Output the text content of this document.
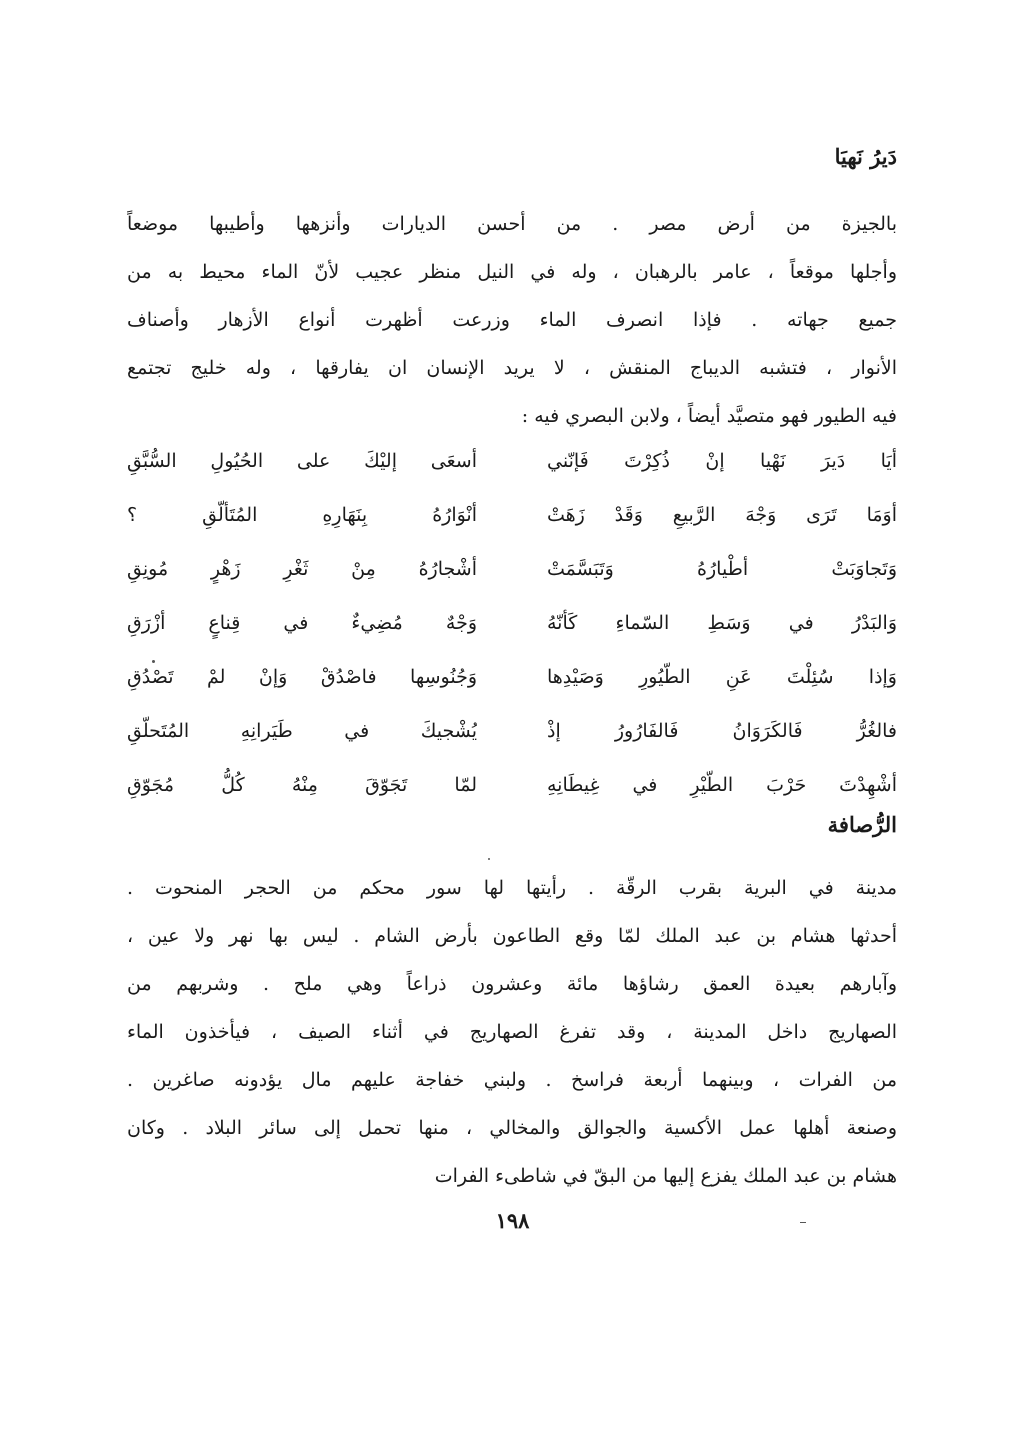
دَيرُ نَهيَا
بالجيزة من أرض مصر . من أحسن الديارات وأنزهها وأطيبها موضعاً
وأجلها موقعاً ، عامر بالرهبان ، وله في النيل منظر عجيب لأنّ الماء محيط به من
جميع جهاته . فإذا انصرف الماء وزرعت أظهرت أنواع الأزهار وأصناف
الأنوار ، فتشبه الديباج المنقش ، لا يريد الإنسان ان يفارقها ، وله خليج تجتمع
فيه الطيور فهو متصيَّد أيضاً ، ولابن البصري فيه :
أيَا دَيرَ نَهْيا إنْ ذُكِرْتَ فَإنّني
أسعَى إليْكَ على الحُيُولِ السُّبَّقِ
أوَمَا تَرَى وَجْهَ الرَّبيعِ وَقَدْ زَهَتْ
أنْوَارُهُ بِنَهَارِهِ المُتَألّقِ ؟
وَتَجاوَبَتْ أطْيارُهُ وَتَبَسَّمَتْ
أشْجارُهُ مِنْ ثَغْرِ زَهْرٍ مُونِقِ
وَالبَدْرُ في وَسَطِ السّماءِ كَأنّهُ
وَجْهٌ مُضِيءٌ في قِناعٍ أزْرَقِ
وَإذا سُئِلْتَ عَنِ الطّيُورِ وَصَيْدِها
وَجُنُوسِها فاصْدُقْ وَإنْ لمْ تَصْدُقِ
فالغُرُّ فَالكَرَوَانُ فَالفَارُورُ إذْ
يُشْجيكَ في طَيَرانِهِ المُتَحلّقِ
أشْهِدْتَ حَرْبَ الطّيْرِ في غِيطَانِهِ
لمّا تَجَوّقَ مِنْهُ كُلُّ مُجَوّقِ
الرُّصافة
مدينة في البرية بقرب الرقّة . رأيتها لها سور محكم من الحجر المنحوت .
أحدثها هشام بن عبد الملك لمّا وقع الطاعون بأرض الشام . ليس بها نهر ولا عين ،
وآبارهم بعيدة العمق رشاؤها مائة وعشرون ذراعاً وهي ملح . وشربهم من
الصهاريج داخل المدينة ، وقد تفرغ الصهاريج في أثناء الصيف ، فيأخذون الماء
من الفرات ، وبينهما أربعة فراسخ . ولبني خفاجة عليهم مال يؤدونه صاغرين .
وصنعة أهلها عمل الأكسية والجوالق والمخالي ، منها تحمل إلى سائر البلاد . وكان
هشام بن عبد الملك يفزع إليها من البقّ في شاطىء الفرات
١٩٨
